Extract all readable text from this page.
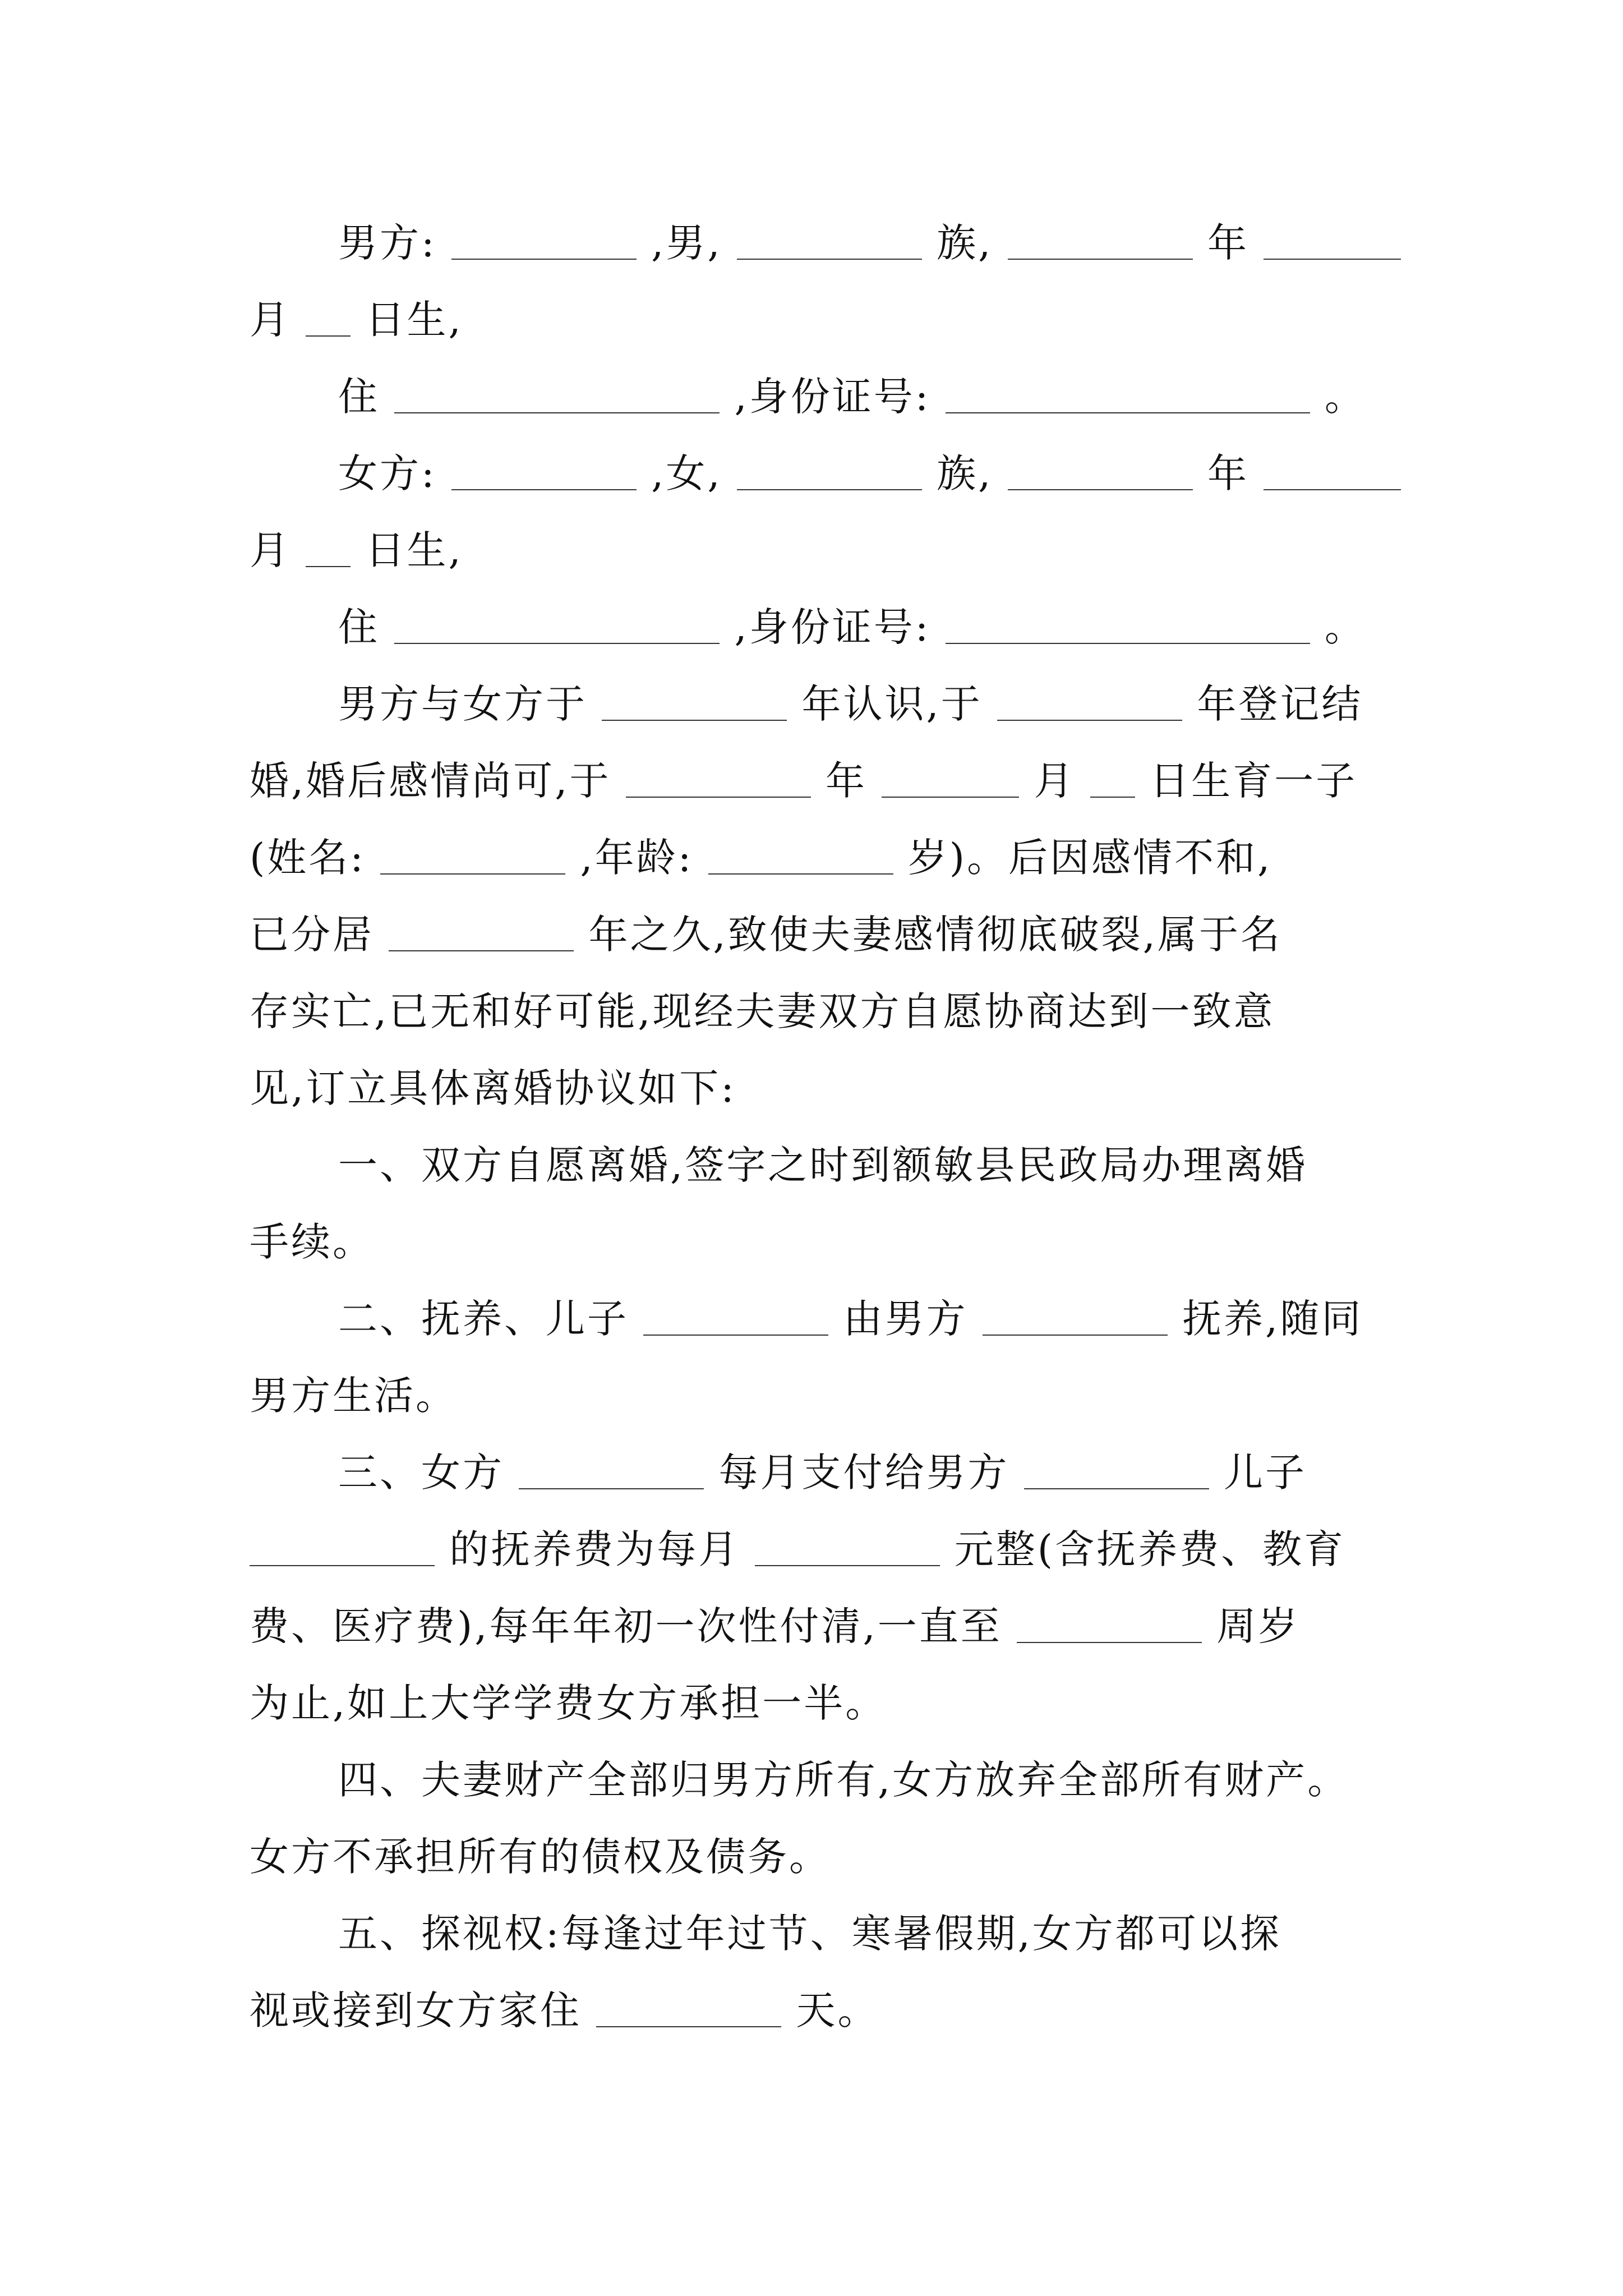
男方:	,男,	族,	年
月 日生,
住	,身份证号:	。
女方:	,女,	族,	年
月 日生,
住	,身份证号:	。
男方与女方于	年认识,于	年登记结
婚,婚后感情尚可,于	年	月 日生育一子
(姓名:	,年龄:	岁)。后因感情不和,
已分居	年之久,致使夫妻感情彻底破裂,属于名
存实亡,已无和好可能,现经夫妻双方自愿协商达到一致意
见,订立具体离婚协议如下:
一、双方自愿离婚,签字之时到额敏县民政局办理离婚
手续。
二、抚养、儿子	由男方	抚养,随同
男方生活。
三、女方	每月支付给男方	儿子
的抚养费为每月	元整(含抚养费、教育
费、医疗费),每年年初一次性付清,一直至	周岁
为止,如上大学学费女方承担一半。
四、夫妻财产全部归男方所有,女方放弃全部所有财产。
女方不承担所有的债权及债务。
五、探视权:每逢过年过节、寒暑假期,女方都可以探
视或接到女方家住	天。
